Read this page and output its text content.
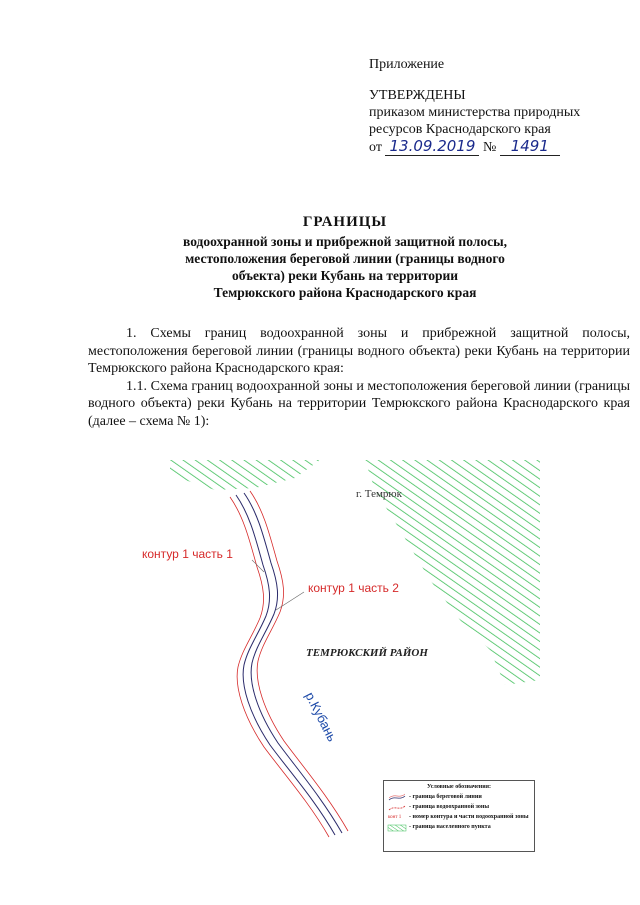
Приложение
УТВЕРЖДЕНЫ
приказом министерства природных
ресурсов Краснодарского края
от 13.09.2019 № 1491
ГРАНИЦЫ
водоохранной зоны и прибрежной защитной полосы,
местоположения береговой линии (границы водного
объекта) реки Кубань на территории
Темрюкского района Краснодарского края

1. Схемы границ водоохранной зоны и прибрежной защитной полосы, местоположения береговой линии (границы водного объекта) реки Кубань на территории Темрюкского района Краснодарского края:

1.1. Схема границ водоохранной зоны и местоположения береговой линии (границы водного объекта) реки Кубань на территории Темрюкского района Краснодарского края (далее – схема № 1):

г. Темрюк
контур 1 часть 1
контур 1 часть 2
ТЕМРЮКСКИЙ РАЙОН
р.Кубань
Условные обозначения:
- граница береговой линии
- граница водоохранной зоны
конт 1	- номер контура и части водоохранной зоны
- граница населенного пункта
